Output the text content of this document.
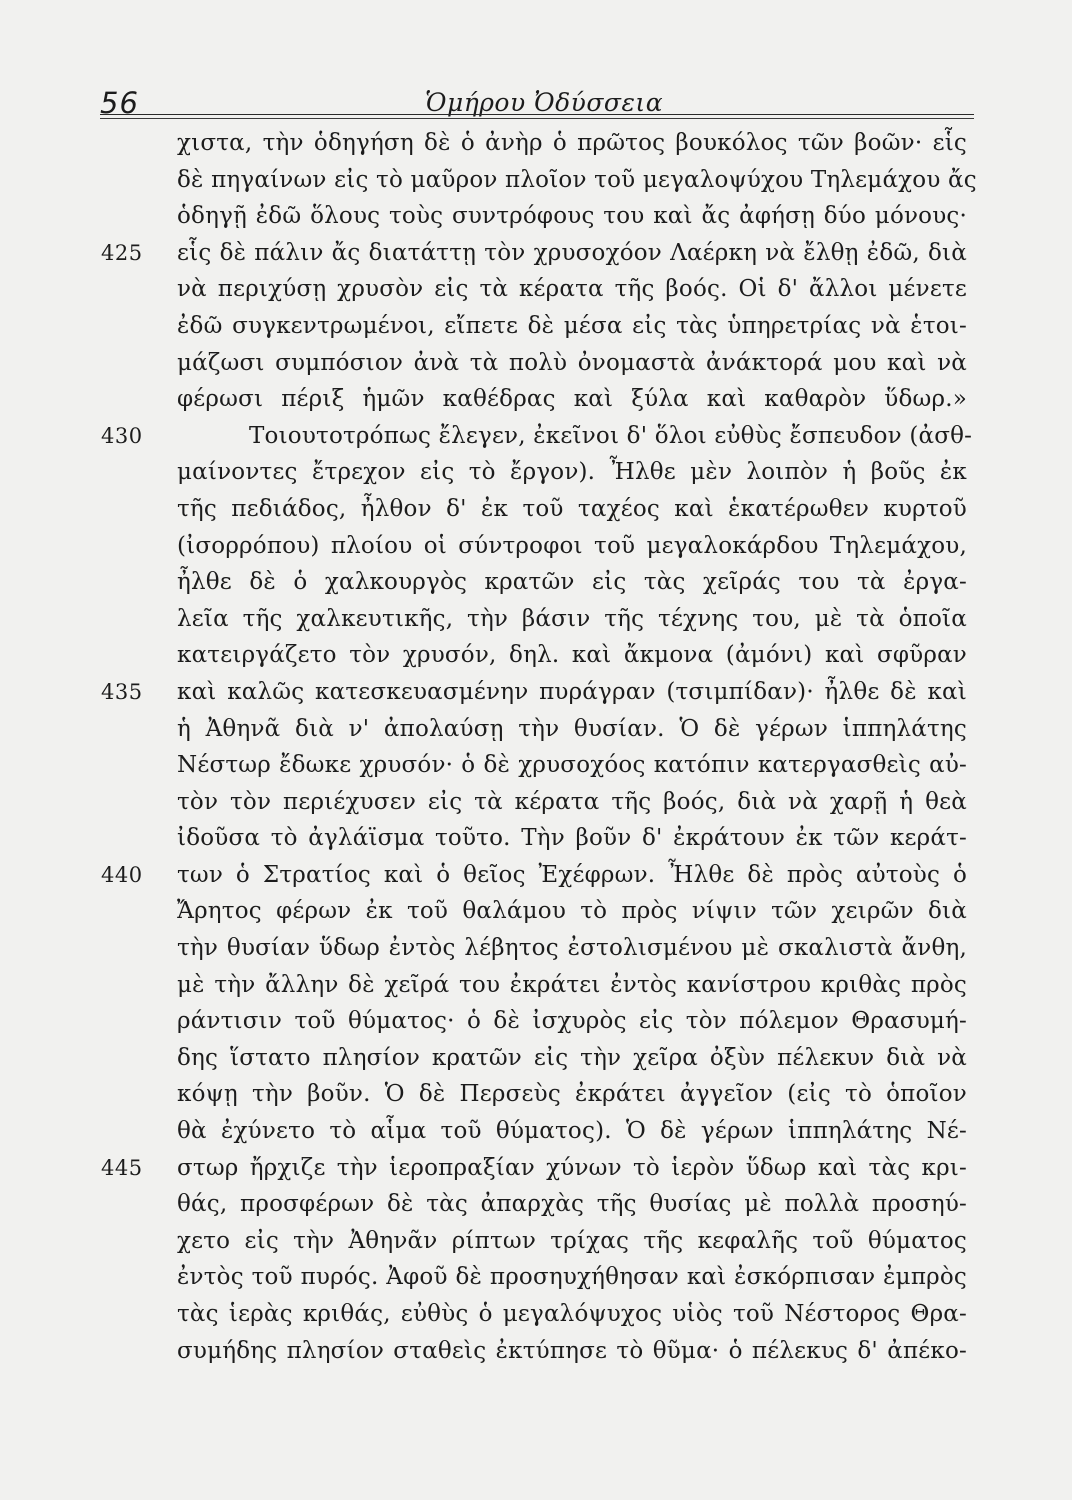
56	Ὁμήρου Ὀδύσσεια
χιστα, τὴν ὁδηγήση δὲ ὁ ἀνὴρ ὁ πρῶτος βουκόλος τῶν βοῶν· εἷς
δὲ πηγαίνων εἰς τὸ μαῦρον πλοῖον τοῦ μεγαλοψύχου Τηλεμάχου ἄς
ὁδηγῇ ἐδῶ ὅλους τοὺς συντρόφους του καὶ ἄς ἀφήσῃ δύο μόνους·
425	εἷς δὲ πάλιν ἄς διατάττῃ τὸν χρυσοχόον Λαέρκη νὰ ἔλθῃ ἐδῶ, διὰ
νὰ περιχύσῃ χρυσὸν εἰς τὰ κέρατα τῆς βοός. Οἱ δ' ἄλλοι μένετε
ἐδῶ συγκεντρωμένοι, εἴπετε δὲ μέσα εἰς τὰς ὑπηρετρίας νὰ ἑτοι-
μάζωσι συμπόσιον ἀνὰ τὰ πολὺ ὀνομαστὰ ἀνάκτορά μου καὶ νὰ
φέρωσι πέριξ ἡμῶν καθέδρας καὶ ξύλα καὶ καθαρὸν ὕδωρ.»
430	Τοιουτοτρόπως ἔλεγεν, ἐκεῖνοι δ' ὅλοι εὐθὺς ἔσπευδον (ἀσθ-
μαίνοντες ἔτρεχον εἰς τὸ ἔργον). Ἦλθε μὲν λοιπὸν ἡ βοῦς ἐκ
τῆς πεδιάδος, ἦλθον δ' ἐκ τοῦ ταχέος καὶ ἑκατέρωθεν κυρτοῦ
(ἰσορρόπου) πλοίου οἱ σύντροφοι τοῦ μεγαλοκάρδου Τηλεμάχου,
ἦλθε δὲ ὁ χαλκουργὸς κρατῶν εἰς τὰς χεῖράς του τὰ ἐργα-
λεῖα τῆς χαλκευτικῆς, τὴν βάσιν τῆς τέχνης του, μὲ τὰ ὁποῖα
κατειργάζετο τὸν χρυσόν, δηλ. καὶ ἄκμονα (ἀμόνι) καὶ σφῦραν
435	καὶ καλῶς κατεσκευασμένην πυράγραν (τσιμπίδαν)· ἦλθε δὲ καὶ
ἡ Ἀθηνᾶ διὰ ν' ἀπολαύσῃ τὴν θυσίαν. Ὁ δὲ γέρων ἱππηλάτης
Νέστωρ ἔδωκε χρυσόν· ὁ δὲ χρυσοχόος κατόπιν κατεργασθεὶς αὐ-
τὸν τὸν περιέχυσεν εἰς τὰ κέρατα τῆς βοός, διὰ νὰ χαρῇ ἡ θεὰ
ἰδοῦσα τὸ ἀγλάϊσμα τοῦτο. Τὴν βοῦν δ' ἐκράτουν ἐκ τῶν κεράτ-
440	των ὁ Στρατίος καὶ ὁ θεῖος Ἐχέφρων. Ἦλθε δὲ πρὸς αὐτοὺς ὁ
Ἄρητος φέρων ἐκ τοῦ θαλάμου τὸ πρὸς νίψιν τῶν χειρῶν διὰ
τὴν θυσίαν ὕδωρ ἐντὸς λέβητος ἐστολισμένου μὲ σκαλιστὰ ἄνθη,
μὲ τὴν ἄλλην δὲ χεῖρά του ἐκράτει ἐντὸς κανίστρου κριθὰς πρὸς
ράντισιν τοῦ θύματος· ὁ δὲ ἰσχυρὸς εἰς τὸν πόλεμον Θρασυμή-
δης ἵστατο πλησίον κρατῶν εἰς τὴν χεῖρα ὀξὺν πέλεκυν διὰ νὰ
κόψῃ τὴν βοῦν. Ὁ δὲ Περσεὺς ἐκράτει ἀγγεῖον (εἰς τὸ ὁποῖον
θὰ ἐχύνετο τὸ αἷμα τοῦ θύματος). Ὁ δὲ γέρων ἱππηλάτης Νέ-
445	στωρ ἤρχιζε τὴν ἱεροπραξίαν χύνων τὸ ἱερὸν ὕδωρ καὶ τὰς κρι-
θάς, προσφέρων δὲ τὰς ἀπαρχὰς τῆς θυσίας μὲ πολλὰ προσηύ-
χετο εἰς τὴν Ἀθηνᾶν ρίπτων τρίχας τῆς κεφαλῆς τοῦ θύματος
ἐντὸς τοῦ πυρός. Ἀφοῦ δὲ προσηυχήθησαν καὶ ἐσκόρπισαν ἐμπρὸς
τὰς ἱερὰς κριθάς, εὐθὺς ὁ μεγαλόψυχος υἱὸς τοῦ Νέστορος Θρα-
συμήδης πλησίον σταθεὶς ἐκτύπησε τὸ θῦμα· ὁ πέλεκυς δ' ἀπέκο-
